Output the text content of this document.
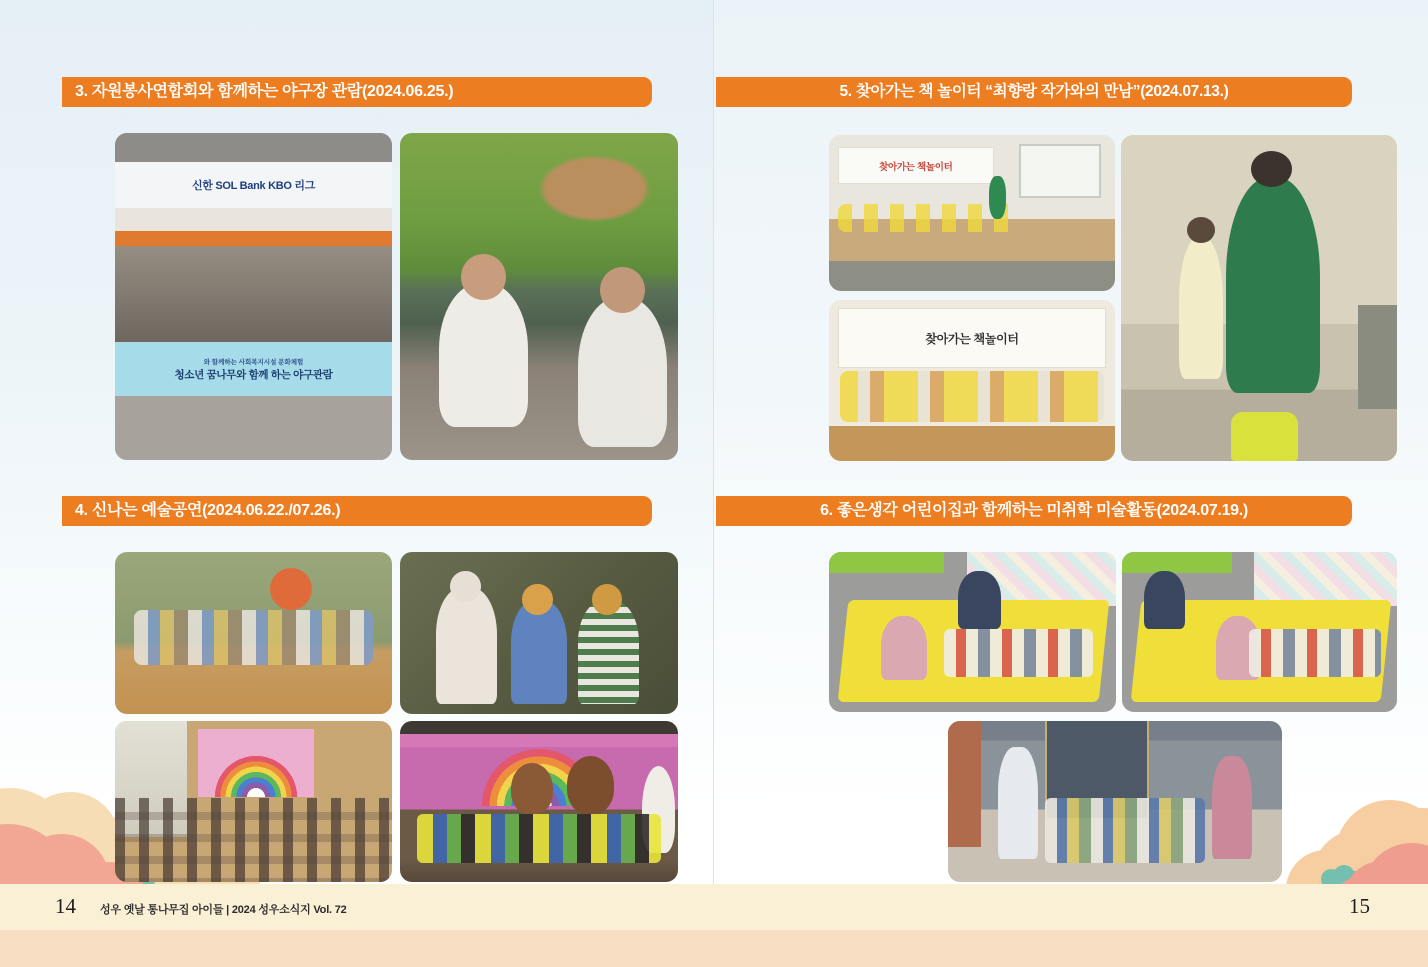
3. 자원봉사연합회와 함께하는 야구장 관람(2024.06.25.)
신한 SOL Bank KBO 리그
와 함께하는 사회복지시설 문화체험
청소년 꿈나무와 함께 하는 야구관람
4. 신나는 예술공연(2024.06.22./07.26.)
5. 찾아가는 책 놀이터 “최향랑 작가와의 만남”(2024.07.13.)
찾아가는 책놀이터
찾아가는 책놀이터
6. 좋은생각 어린이집과 함께하는 미취학 미술활동(2024.07.19.)
14 성우 옛날 통나무집 아이들 | 2024 성우소식지 Vol. 72	15
